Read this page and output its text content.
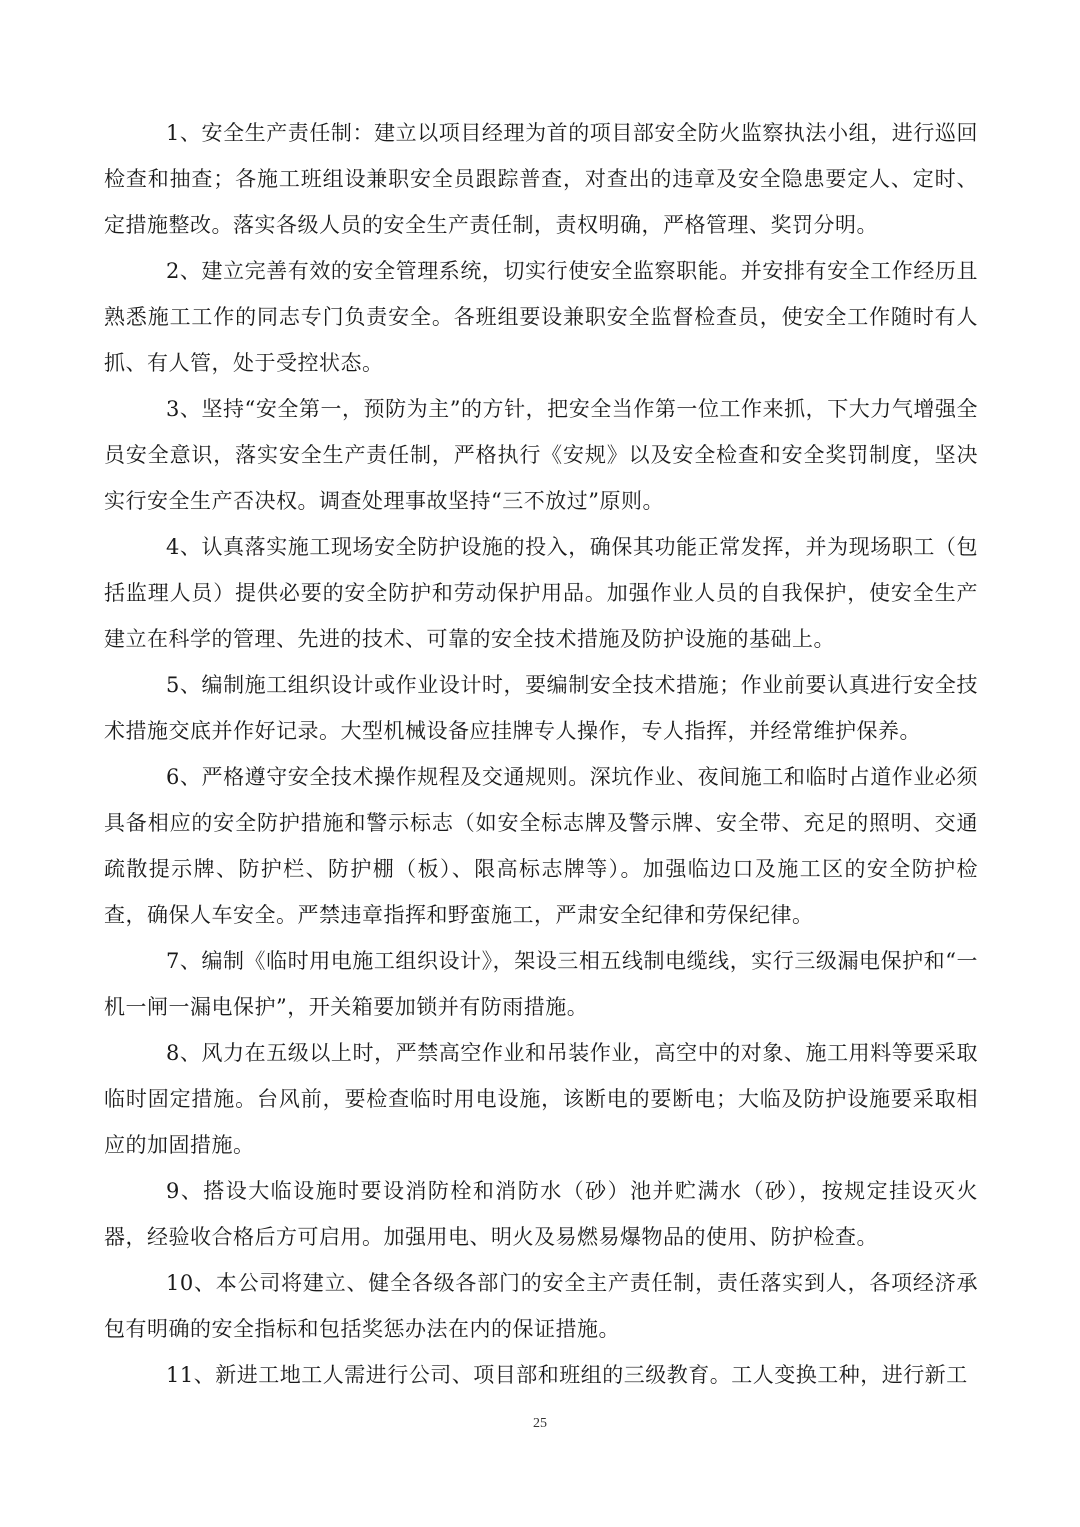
1、安全生产责任制：建立以项目经理为首的项目部安全防火监察执法小组，进行巡回检查和抽查；各施工班组设兼职安全员跟踪普查，对查出的违章及安全隐患要定人、定时、定措施整改。落实各级人员的安全生产责任制，责权明确，严格管理、奖罚分明。

2、建立完善有效的安全管理系统，切实行使安全监察职能。并安排有安全工作经历且熟悉施工工作的同志专门负责安全。各班组要设兼职安全监督检查员，使安全工作随时有人抓、有人管，处于受控状态。

3、坚持“安全第一，预防为主”的方针，把安全当作第一位工作来抓，下大力气增强全员安全意识，落实安全生产责任制，严格执行《安规》以及安全检查和安全奖罚制度，坚决实行安全生产否决权。调查处理事故坚持“三不放过”原则。

4、认真落实施工现场安全防护设施的投入，确保其功能正常发挥，并为现场职工（包括监理人员）提供必要的安全防护和劳动保护用品。加强作业人员的自我保护，使安全生产建立在科学的管理、先进的技术、可靠的安全技术措施及防护设施的基础上。

5、编制施工组织设计或作业设计时，要编制安全技术措施；作业前要认真进行安全技术措施交底并作好记录。大型机械设备应挂牌专人操作，专人指挥，并经常维护保养。

6、严格遵守安全技术操作规程及交通规则。深坑作业、夜间施工和临时占道作业必须具备相应的安全防护措施和警示标志（如安全标志牌及警示牌、安全带、充足的照明、交通疏散提示牌、防护栏、防护棚（板）、限高标志牌等）。加强临边口及施工区的安全防护检查，确保人车安全。严禁违章指挥和野蛮施工，严肃安全纪律和劳保纪律。

7、编制《临时用电施工组织设计》，架设三相五线制电缆线，实行三级漏电保护和“一机一闸一漏电保护”，开关箱要加锁并有防雨措施。

8、风力在五级以上时，严禁高空作业和吊装作业，高空中的对象、施工用料等要采取临时固定措施。台风前，要检查临时用电设施，该断电的要断电；大临及防护设施要采取相应的加固措施。

9、搭设大临设施时要设消防栓和消防水（砂）池并贮满水（砂），按规定挂设灭火器，经验收合格后方可启用。加强用电、明火及易燃易爆物品的使用、防护检查。

10、本公司将建立、健全各级各部门的安全主产责任制，责任落实到人，各项经济承包有明确的安全指标和包括奖惩办法在内的保证措施。

11、新进工地工人需进行公司、项目部和班组的三级教育。工人变换工种，进行新工

25
